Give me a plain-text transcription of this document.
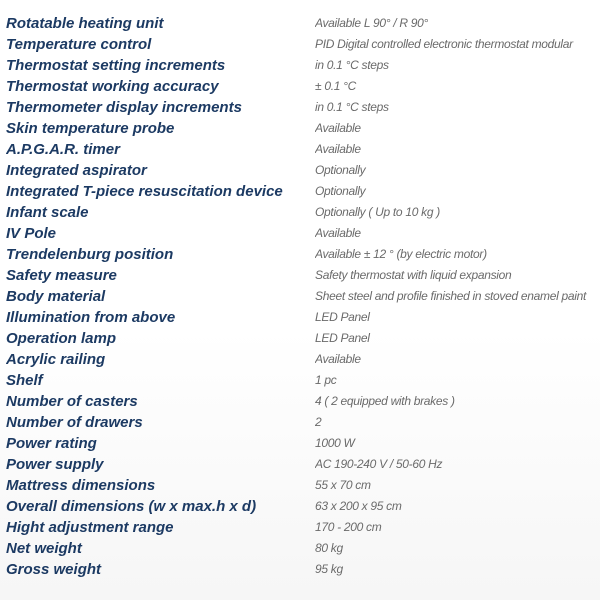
Rotatable heating unit	Available L 90° / R 90°
Temperature control	PID Digital controlled electronic thermostat modular
Thermostat setting increments	in 0.1 °C steps
Thermostat working accuracy	± 0.1 °C
Thermometer display increments	in 0.1 °C steps
Skin temperature probe	Available
A.P.G.A.R. timer	Available
Integrated aspirator	Optionally
Integrated T-piece resuscitation device	Optionally
Infant scale	Optionally ( Up to 10 kg )
IV Pole	Available
Trendelenburg position	Available ± 12 ° (by electric motor)
Safety measure	Safety thermostat with liquid expansion
Body material	Sheet steel and profile finished in stoved enamel paint
Illumination from above	LED Panel
Operation lamp	LED Panel
Acrylic railing	Available
Shelf	1 pc
Number of casters	4 ( 2 equipped with brakes )
Number of drawers	2
Power rating	1000 W
Power supply	AC 190-240 V / 50-60 Hz
Mattress dimensions	55 x 70 cm
Overall dimensions (w x max.h x d)	63 x 200 x 95 cm
Hight adjustment range	170 - 200 cm
Net weight	80 kg
Gross weight	95 kg
